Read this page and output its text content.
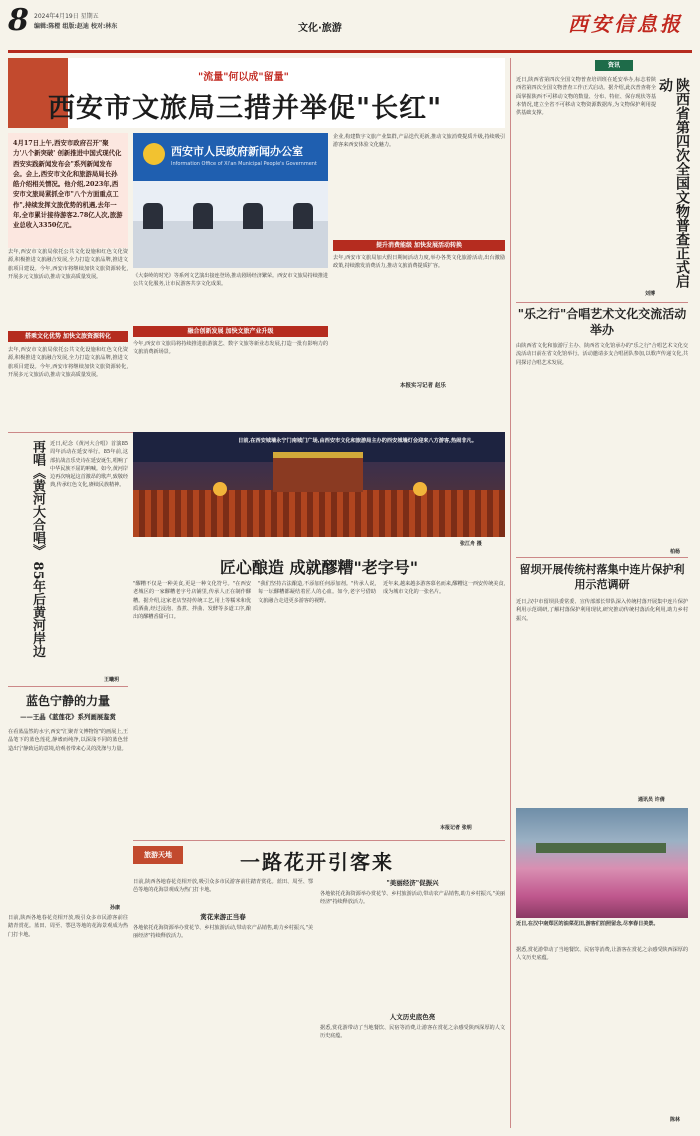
8 2024年4月19日 星期五
编辑:陈橙 组版:赵迪 校对:林东	文化·旅游	西安信息报
"流量"何以成"留量"
西安市文旅局三措并举促"长红"
4月17日上午,西安市政府召开"聚力'八个新突破' 创新推进中国式现代化西安实践新闻发布会"系列新闻发布会。会上,西安市文化和旅游局局长孙皓介绍相关情况。他介绍,2023年,西安市文旅局紧抓全市"八个方面重点工作",持续发挥文旅优势的机遇,去年一年,全市累计接待游客2.78亿人次,旅游业总收入3350亿元。
搭乘文化优势 加快文旅资源转化
去年,西安市文旅局依托公共文化设施和红色文化资源,积极推进文旅融合发展,全力打造文旅品牌,推进文旅项目建设。今年,西安市将继续加快文旅资源转化,开展多元文旅活动,推动文旅高质量发展。
去年,西安市文旅局依托公共文化设施和红色文化资源,积极推进文旅融合发展,全力打造文旅品牌,推进文旅项目建设。今年,西安市将继续加快文旅资源转化,开展多元文旅活动,推动文旅高质量发展。
西安市人民政府新闻办公室
Information Office of Xi'an Municipal People's Government
《大秦岭的时光》等系列文艺演出接连登场,推动剧场经济繁荣。西安市文旅局持续推进公共文化服务,让市民游客共享文化成果。
融合创新发展 加快文旅产业升级
今年,西安市文旅局将持续推进旅游演艺、数字文旅等新业态发展,打造一批有影响力的文旅消费新场景。
企业,构建数字文旅产业集群,产品迭代更新,推动文旅消费提质升级,持续吸引游客来西安体验文化魅力。
提升消费能级 加快发展活动转换
去年,西安市文旅局加大假日期间活动力度,举办各类文化旅游活动,出台激励政策,持续激发消费活力,推动文旅消费提质扩容。
本报实习记者 赵乐
资讯
近日,陕西省第四次全国文物普查培训班在延安举办,标志着陕西省第四次全国文物普查工作正式启动。据介绍,此次普查将全面掌握陕西不可移动文物的数量、分布、特征、保存现状等基本情况,建立全省不可移动文物资源数据库,为文物保护利用提供基础支撑。	陕西省第四次全国文物普查正式启动
刘博
"乐之行"合唱艺术文化交流活动举办
由陕西省文化和旅游厅主办、陕西省文化馆承办的"乐之行"合唱艺术文化交流活动日前在省文化馆举行。活动邀请多支合唱团队参加,以歌声传递文化,共同探讨合唱艺术发展。
柏杨
留坝开展传统村落集中连片保护利用示范调研
近日,汉中市留坝县委常委、宣传部部长带队深入传统村落开展集中连片保护利用示范调研,了解村落保护利用现状,研究推动传统村落活化利用,助力乡村振兴。
通讯员 许倩
近日,在汉中南郑区的油菜花田,游客们拍照留念,尽享春日美景。
据悉,赏花游带动了当地餐饮、民宿等消费,让游客在赏花之余感受陕西深厚的人文历史底蕴。
陈林
再唱《黄河大合唱》 85年后黄河岸边 近日,纪念《黄河大合唱》首演85周年活动在延安举行。85年前,这部抗战音乐史诗在延安诞生,唱响了中华民族不屈的呐喊。如今,黄河岸边再次响起这首激昂的歌声,致敬经典,传承红色文化,赓续民族精神。
王曦玥
蓝色宁静的力量
——王晶《蓝莲花》系列画展鉴赏
在看蓝晶然的水宇,西安"汇聚青文博物馆"的画展上,王晶笔下的蓝色莲花,静谧而纯净,以深浅不同的蓝色营造出宁静致远的意境,给观者带来心灵的洗涤与力量。
孙康
日前,在西安城墙永宁门南城门广场,由西安市文化和旅游局主办的西安城墙灯会迎来八方游客,热闹非凡。
张江舟 摄
匠心酿造 成就醪糟"老字号"
"醪糟不仅是一种美食,更是一种文化符号。"在西安老城区的一家醪糟老字号店铺里,传承人正在制作醪糟。据介绍,这家老店坚持传统工艺,用上等糯米和优质酒曲,经过浸泡、蒸煮、拌曲、发酵等多道工序,酿出的醪糟香甜可口。
"我们坚持古法酿造,不添加任何添加剂。"传承人说,每一坛醪糟都凝结着匠人的心血。如今,老字号借助文旅融合走进更多游客的视野。
近年来,越来越多游客慕名而来,醪糟这一西安传统美食,成为城市文化的一张名片。
本报记者 张明
旅游天地	一路花开引客来
日前,陕西各地春花竞相开放,吸引众多市民游客前往踏青赏花。蓝田、周至、鄠邑等地的花海景观成为热门打卡地。
日前,陕西各地春花竞相开放,吸引众多市民游客前往踏青赏花。蓝田、周至、鄠邑等地的花海景观成为热门打卡地。
赏花来游正当春
各地依托花海资源举办赏花节、乡村旅游活动,带动农产品销售,助力乡村振兴,"美丽经济"持续释放活力。
"美丽经济"促振兴
各地依托花海资源举办赏花节、乡村旅游活动,带动农产品销售,助力乡村振兴,"美丽经济"持续释放活力。
人文历史底色亮
据悉,赏花游带动了当地餐饮、民宿等消费,让游客在赏花之余感受陕西深厚的人文历史底蕴。
